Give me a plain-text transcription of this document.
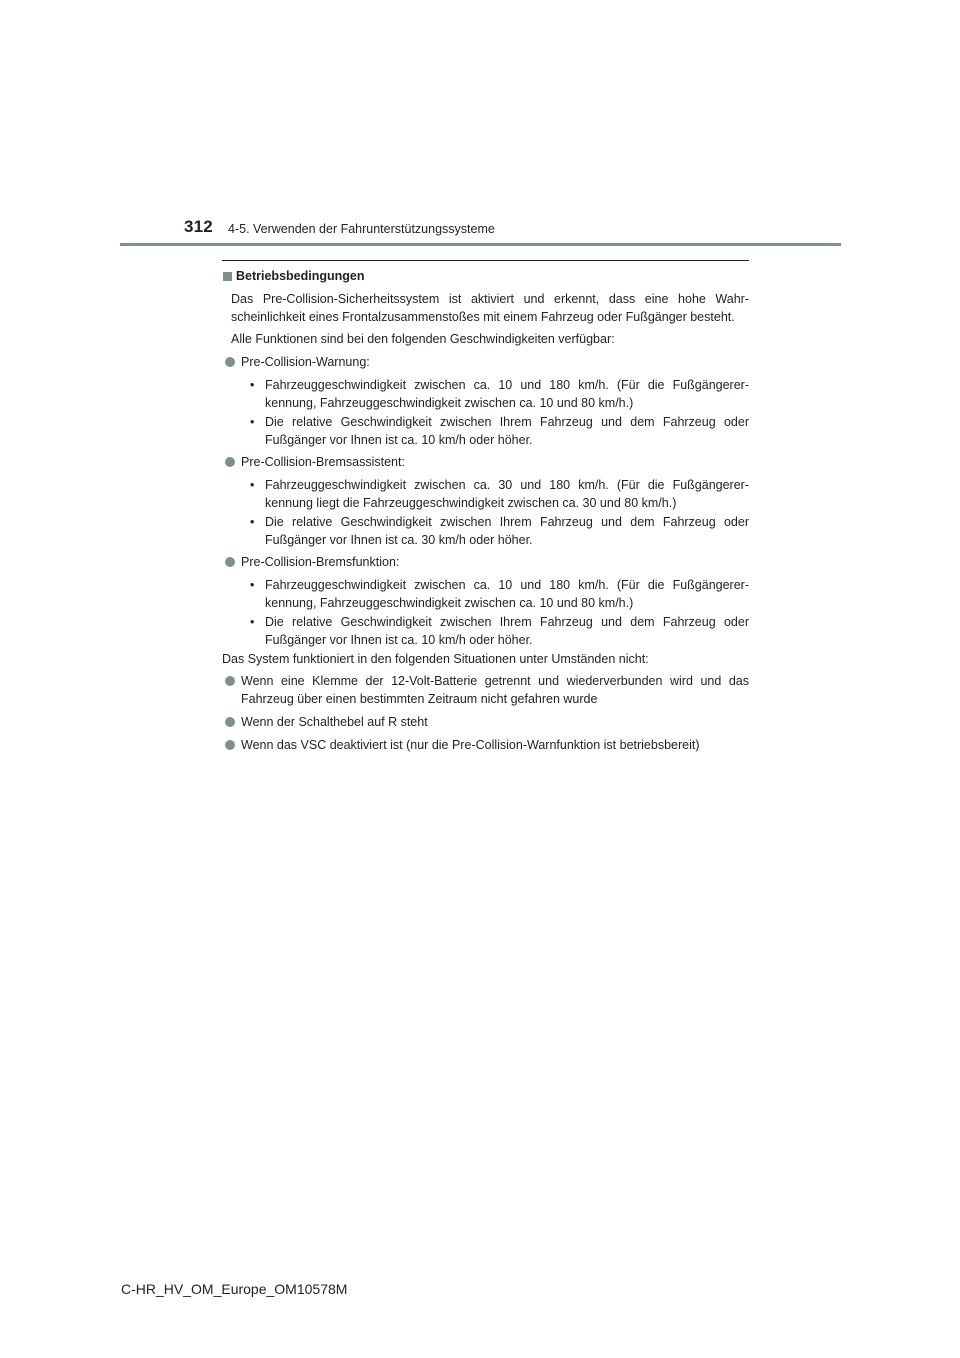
312 4-5. Verwenden der Fahrunterstützungssysteme
Betriebsbedingungen

Das Pre-Collision-Sicherheitssystem ist aktiviert und erkennt, dass eine hohe Wahr-scheinlichkeit eines Frontalzusammenstoßes mit einem Fahrzeug oder Fußgänger besteht.

Alle Funktionen sind bei den folgenden Geschwindigkeiten verfügbar:

Pre-Collision-Warnung:
• Fahrzeuggeschwindigkeit zwischen ca. 10 und 180 km/h. (Für die Fußgängerer-kennung, Fahrzeuggeschwindigkeit zwischen ca. 10 und 80 km/h.)
• Die relative Geschwindigkeit zwischen Ihrem Fahrzeug und dem Fahrzeug oder Fußgänger vor Ihnen ist ca. 10 km/h oder höher.
Pre-Collision-Bremsassistent:
• Fahrzeuggeschwindigkeit zwischen ca. 30 und 180 km/h. (Für die Fußgängerer-kennung liegt die Fahrzeuggeschwindigkeit zwischen ca. 30 und 80 km/h.)
• Die relative Geschwindigkeit zwischen Ihrem Fahrzeug und dem Fahrzeug oder Fußgänger vor Ihnen ist ca. 30 km/h oder höher.
Pre-Collision-Bremsfunktion:
• Fahrzeuggeschwindigkeit zwischen ca. 10 und 180 km/h. (Für die Fußgängerer-kennung, Fahrzeuggeschwindigkeit zwischen ca. 10 und 80 km/h.)
• Die relative Geschwindigkeit zwischen Ihrem Fahrzeug und dem Fahrzeug oder Fußgänger vor Ihnen ist ca. 10 km/h oder höher.

Das System funktioniert in den folgenden Situationen unter Umständen nicht:

Wenn eine Klemme der 12-Volt-Batterie getrennt und wiederverbunden wird und das Fahrzeug über einen bestimmten Zeitraum nicht gefahren wurde
Wenn der Schalthebel auf R steht
Wenn das VSC deaktiviert ist (nur die Pre-Collision-Warnfunktion ist betriebsbereit)
C-HR_HV_OM_Europe_OM10578M
